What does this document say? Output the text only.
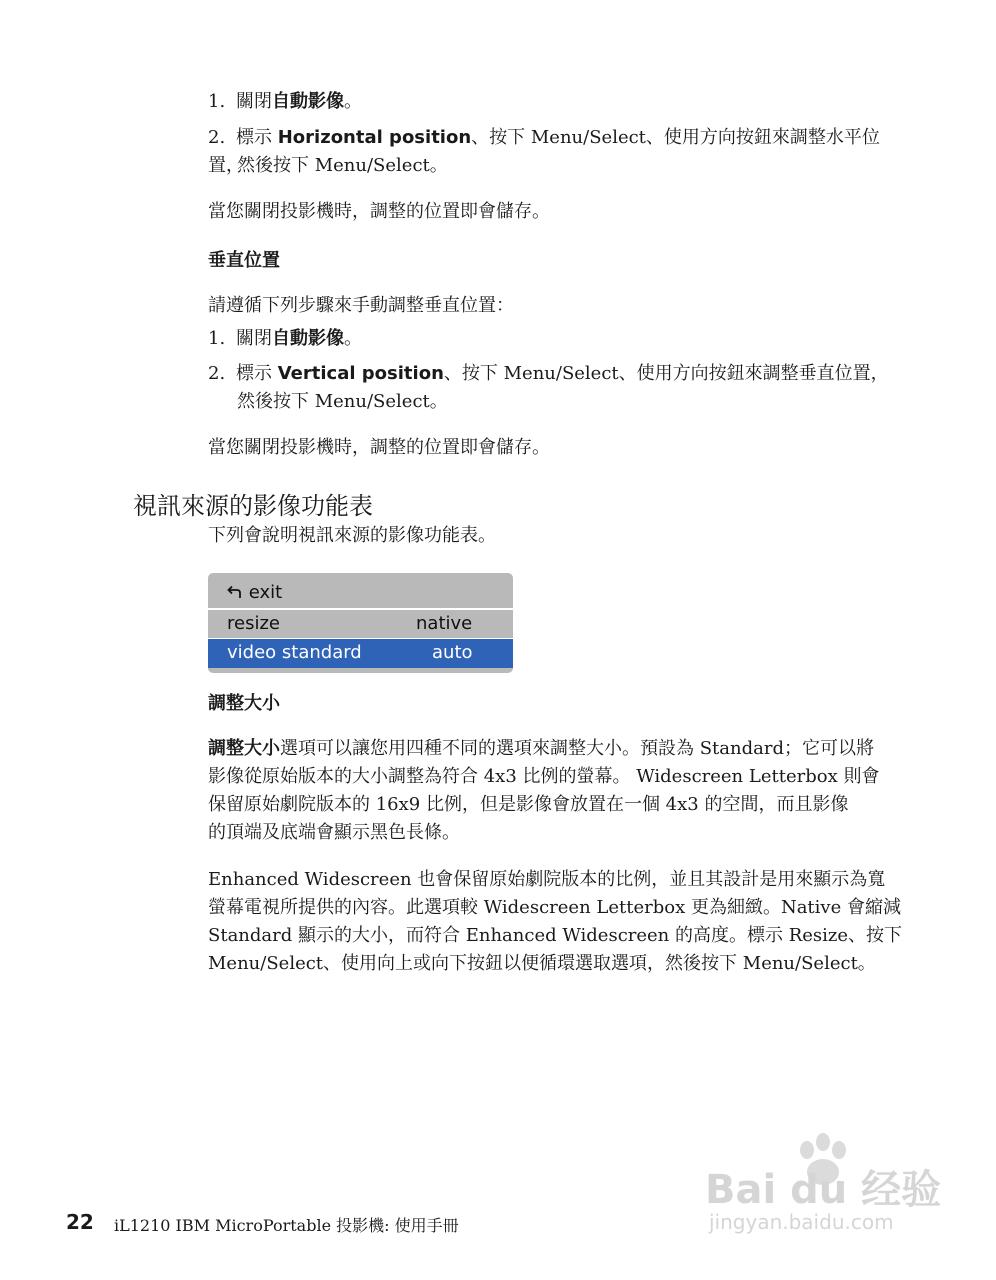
1. 關閉自動影像。
2. 標示 Horizontal position、按下 Menu/Select、使用方向按鈕來調整水平位置，
然後按下 Menu/Select。
當您關閉投影機時，調整的位置即會儲存。
垂直位置
請遵循下列步驟來手動調整垂直位置：
1. 關閉自動影像。
2. 標示 Vertical position、按下 Menu/Select、使用方向按鈕來調整垂直位置，
然後按下 Menu/Select。
當您關閉投影機時，調整的位置即會儲存。
視訊來源的影像功能表
下列會說明視訊來源的影像功能表。
exit
resize	native
video standard	auto
調整大小
調整大小選項可以讓您用四種不同的選項來調整大小。預設為 Standard；它可以將
影像從原始版本的大小調整為符合 4x3 比例的螢幕。 Widescreen Letterbox 則會
保留原始劇院版本的 16x9 比例，但是影像會放置在一個 4x3 的空間，而且影像
的頂端及底端會顯示黑色長條。
Enhanced Widescreen 也會保留原始劇院版本的比例，並且其設計是用來顯示為寬
螢幕電視所提供的內容。此選項較 Widescreen Letterbox 更為細緻。Native 會縮減
Standard 顯示的大小，而符合 Enhanced Widescreen 的高度。標示 Resize、按下
Menu/Select、使用向上或向下按鈕以便循環選取選項，然後按下 Menu/Select。
22 iL1210 IBM MicroPortable 投影機: 使用手冊
Bai du 经验
jingyan.baidu.com
